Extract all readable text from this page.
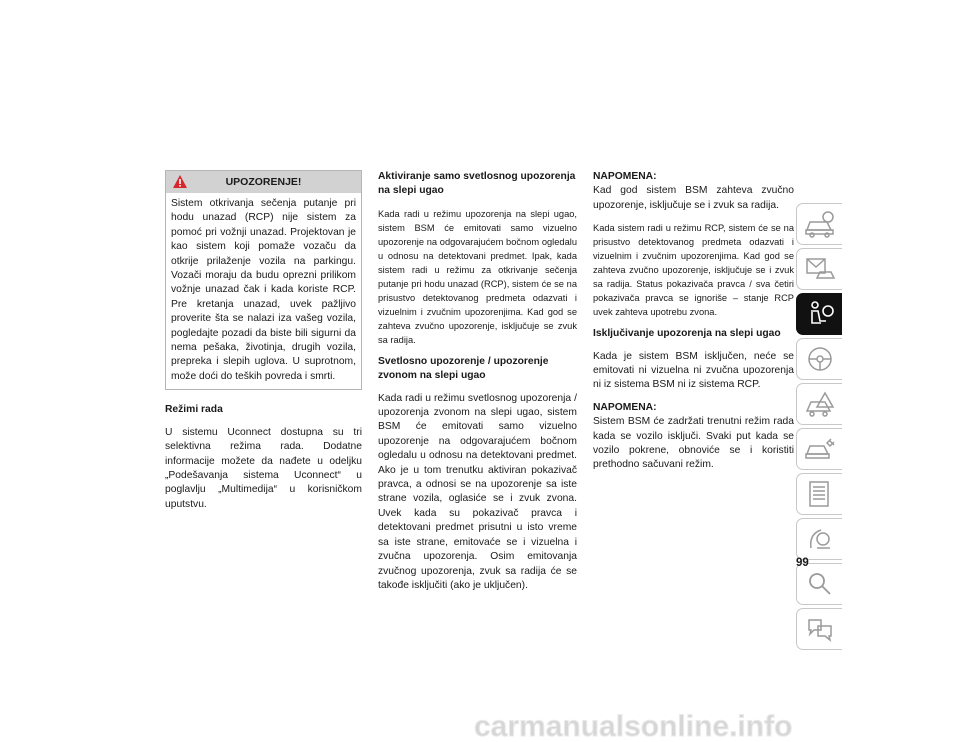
UPOZORENJE!

Sistem otkrivanja sečenja putanje pri hodu unazad (RCP) nije sistem za pomoć pri vožnji unazad. Projektovan je kao sistem koji pomaže vozaču da otkrije prilaženje vozila na parkingu. Vozači moraju da budu oprezni prilikom vožnje unazad čak i kada koriste RCP. Pre kretanja unazad, uvek pažljivo proverite šta se nalazi iza vašeg vozila, pogledajte pozadi da biste bili sigurni da nema pešaka, životinja, drugih vozila, prepreka i slepih uglova. U suprotnom, može doći do teških povreda i smrti.

Režimi rada

U sistemu Uconnect dostupna su tri selektivna režima rada. Dodatne informacije možete da nađete u odeljku „Podešavanja sistema Uconnect“ u poglavlju „Multimedija“ u korisničkom uputstvu.

Aktiviranje samo svetlosnog upozorenja na slepi ugao

Kada radi u režimu upozorenja na slepi ugao, sistem BSM će emitovati samo vizuelno upozorenje na odgovarajućem bočnom ogledalu u odnosu na detektovani predmet. Ipak, kada sistem radi u režimu za otkrivanje sečenja putanje pri hodu unazad (RCP), sistem će se na prisustvo detektovanog predmeta odazvati i vizuelnim i zvučnim upozorenjima. Kad god se zahteva zvučno upozorenje, isključuje se zvuk sa radija.

Svetlosno upozorenje / upozorenje zvonom na slepi ugao

Kada radi u režimu svetlosnog upozorenja / upozorenja zvonom na slepi ugao, sistem BSM će emitovati samo vizuelno upozorenje na odgovarajućem bočnom ogledalu u odnosu na detektovani predmet. Ako je u tom trenutku aktiviran pokazivač pravca, a odnosi se na upozorenje sa iste strane vozila, oglasiće se i zvuk zvona. Uvek kada su pokazivač pravca i detektovani predmet prisutni u isto vreme sa iste strane, emitovaće se i vizuelna i zvučna upozorenja. Osim emitovanja zvučnog upozorenja, zvuk sa radija će se takođe isključiti (ako je uključen).

NAPOMENA:

Kad god sistem BSM zahteva zvučno upozorenje, isključuje se i zvuk sa radija.

Kada sistem radi u režimu RCP, sistem će se na prisustvo detektovanog predmeta odazvati i vizuelnim i zvučnim upozorenjima. Kad god se zahteva zvučno upozorenje, isključuje se i zvuk sa radija. Status pokazivača pravca / sva četiri pokazivača pravca se ignoriše – stanje RCP uvek zahteva upotrebu zvona.

Isključivanje upozorenja na slepi ugao

Kada je sistem BSM isključen, neće se emitovati ni vizuelna ni zvučna upozorenja ni iz sistema BSM ni iz sistema RCP.

NAPOMENA:

Sistem BSM će zadržati trenutni režim rada kada se vozilo isključi. Svaki put kada se vozilo pokrene, obnoviće se i koristiti prethodno sačuvani režim.

99
carmanualsonline.info
